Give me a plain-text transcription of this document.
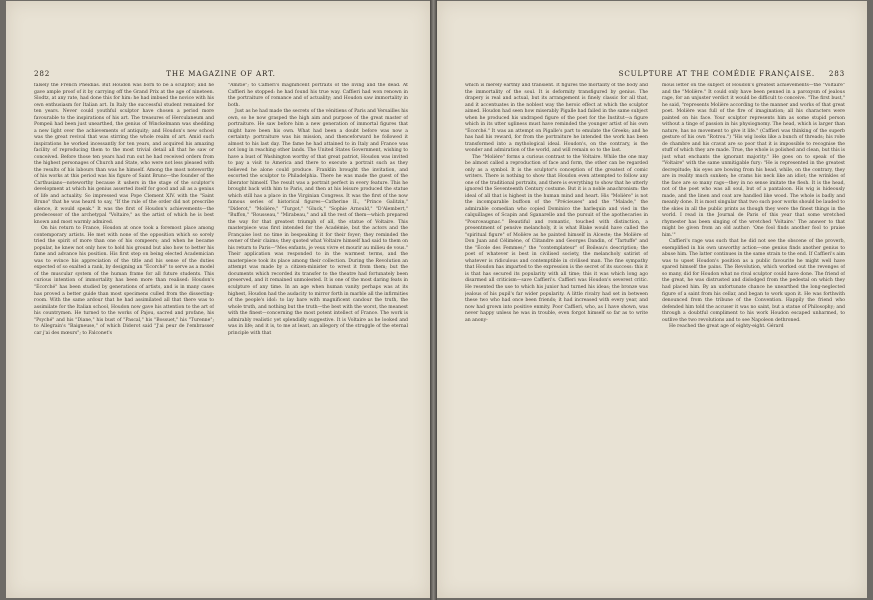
282	THE MAGAZINE OF ART.

falsely the French Pheidias. But Houdon was born to be a sculptor; and he gave ample proof of it by carrying off the Grand Prix at the age of nineteen. Slodtz, at any rate, had done this for him: he had imbued the novice with his own enthusiasm for Italian art. In Italy the successful student remained for ten years. Never could youthful sculptor have chosen a period more favourable to the inspirations of his art. The treasures of Herculaneum and Pompeii had been just unearthed, the genius of Winckelmann was shedding a new light over the achievements of antiquity; and Houdon's new school was the great revival that was stirring the whole realm of art. Amid such inspirations he worked incessantly for ten years, and acquired his amazing facility of reproducing them to the most trivial detail all that he saw or conceived. Before those ten years had run out he had received orders from the highest personages of Church and State, who were not less pleased with the results of his labours than was he himself. Among the most noteworthy of his works at this period was his figure of Saint Bruno—the founder of the Carthusians—noteworthy because it ushers in the stage of the sculptor's development at which his genius asserted itself for good and all as a genius of life and actuality. So impressed was Pope Clement XIV. with the "Saint Bruno" that he was heard to say, "If the rule of the order did not prescribe silence, it would speak." It was the first of Houdon's achievements—the predecessor of the archetypal "Voltaire," as the artist of which he is best known and most warmly admired.

On his return to France, Houdon at once took a foremost place among contemporary artists. He met with none of the opposition which so sorely tried the spirit of more than one of his compeers; and when he became popular, he knew not only how to hold his ground but also how to better his fame and advance his position. His first step on being elected Academician was to evince his appreciation of the title and his sense of the duties expected of so exalted a rank, by designing an "Écorché" to serve as a model of the muscular system of the human frame for all future students. This curious intention of immortality has been more than realised: Houdon's "Écorché" has been studied by generations of artists, and is in many cases has proved a better guide than most specimens culled from the dissecting-room. With the same ardour that he had assimilated all that there was to assimilate for the Italian school, Houdon now gave his attention to the art of his countrymen. He turned to the works of Pajou, sacred and profane, his "Psyché" and his "Diane," his bust of "Pascal," his "Bossuet," his "Turenne"; to Allegrain's "Baigneuse," of which Diderot said "J'ai peur de l'embrasser car j'ai des mœurs"; to Falconet's

"Amitié"; to Caffieri's magnificent portraits of the living and the dead. At Caffieri he stopped: he had found his true way. Caffieri had won renown in the portraiture of romance and of actuality; and Houdon saw immortality in both.

Just as he had made the secrets of the vénitiens of Paris and Versailles his own, so he now grasped the high aim and purpose of the great master of portraiture. He saw before him a new generation of immortal figures that might have been his own. What had been a doubt before was now a certainty: portraiture was his mission, and thenceforward he followed it almost to his last day. The fame he had attained to in Italy and France was not long in reaching other lands. The United States Government, wishing to have a bust of Washington worthy of that great patriot, Houdon was invited to pay a visit to America and there to execute a portrait such as they believed he alone could produce. Franklin brought the invitation, and escorted the sculptor to Philadelphia. There he was made the guest of the liberator himself. The result was a portrait perfect in every feature. This he brought back with him to Paris, and then at his leisure produced the statue which still has a place in the Virginian Congress. It was the first of the now famous series of historical figures—Catherine II., "Prince Galitzin," "Diderot," "Molière," "Turgot," "Gluck," "Sophie Arnould," "D'Alembert," "Buffon," "Rousseau," "Mirabeau," and all the rest of them—which prepared the way for that greatest triumph of all, the statue of Voltaire. This masterpiece was first intended for the Académie, but the actors and the Française lost no time in bespeaking it for their foyer; they reminded the owner of their claims; they quoted what Voltaire himself had said to them on his return to Paris—"Mes enfants, je veux vivre et mourir au milieu de vous." Their application was responded to in the warmest terms, and the masterpiece took its place among their collection. During the Revolution an attempt was made by a citizen-minister to wrest it from them; but the documents which recorded its transfer to the theatre had fortunately been preserved, and it remained unmolested. It is one of the most daring feats in sculpture of any time. In an age when human vanity perhaps was at its highest, Houdon had the audacity to mirror forth in marble all the infirmities of the people's idol: to lay bare with magnificent candour the truth, the whole truth, and nothing but the truth—the best with the worst, the meanest with the finest—concerning the most potent intellect of France. The work is admirably realistic yet splendidly suggestive. It is Voltaire as he looked and was in life; and it is, to me at least, an allegory of the struggle of the eternal principle with that

SCULPTURE AT THE COMÉDIE FRANÇAISE.	283

which is merely earthly and transient. It figures the mortality of the body and the immortality of the soul. It is deformity transfigured by genius. The drapery is real and actual, but its arrangement is finely classic for all that, and it accentuates in the noblest way the heroic effect at which the sculptor aimed. Houdon had seen how miserably Pigalle had failed in the same subject when he produced his undraped figure of the poet for the Institut—a figure which in its utter ugliness must have reminded the younger artist of his own "Écorché." It was an attempt on Pigalle's part to emulate the Greeks; and he has had his reward, for from the portraiture he intended the work has been transformed into a mythological ideal. Houdon's, on the contrary, is the wonder and admiration of the world, and will remain so to the last.

The "Molière" forms a curious contrast to the Voltaire. While the one may be almost called a reproduction of face and form, the other can be regarded only as a symbol. It is the sculptor's conception of the greatest of comic writers. There is nothing to show that Houdon even attempted to follow any one of the traditional portraits, and there is everything to show that he utterly ignored the Seventeenth Century costume. But it is a noble anachronism: the ideal of all that is highest in the human mind and heart. His "Molière" is not the incomparable buffoon of the "Précieuses" and the "Malade," the admirable comedian who copied Dominico the harlequin and vied in the calquillages of Scapin and Sganarelle and the pursuit of the apothecaries in "Pourceaugnac." Beautiful and romantic, touched with distinction, a presentment of pensive melancholy, it is what Blake would have called the "spiritual figure" of Molière as he painted himself in Alceste; the Molière of Don Juan and Célimène, of Clitandre and Georges Dandin, of "Tartuffe" and the "École des Femmes;" the "contemplateur" of Boileau's description; the poet of whatever is best in civilised society, the melancholy satirist of whatever is ridiculous and contemptible in civilised man. The fine sympathy that Houdon has imparted to the expression is the secret of its success: this it is that has secured its popularity with all time; this it was which long ago disarmed all criticism—save Caffieri's. Caffieri was Houdon's severest critic. He resented the use to which his junior had turned his ideas; the bronze was jealous of his pupil's far wider popularity. A little rivalry had set in between these two who had once been friends; it had increased with every year, and now had grown into positive enmity. Poor Caffieri, who, as I have shown, was never happy unless he was in trouble, even forgot himself so far as to write an anony-

mous letter on the subject of Houdon's greatest achievements—the "Voltaire" and the "Molière." It could only have been penned in a paroxysm of jealous rage, for an unjuster verdict it would be difficult to conceive. "The first bust," he said, "represents Molière according to the manner and works of that great poet. Molière was full of the fire of imagination; all his characters were painted on his face. Your sculptor represents him as some stupid person without a tinge of passion in his physiognomy. The head, which is larger than nature, has no movement to give it life." (Caffieri was thinking of the superb gesture of his own "Rotrou.") "His wig looks like a bunch of threads; his robe de chambre and his cravat are so poor that it is impossible to recognise the stuff of which they are made. True, the whole is polished and clean, but this is just what enchants the ignorant majority." He goes on to speak of the "Voltaire" with the same unmitigable fury: "He is represented in the greatest decrepitude; his eyes are bowing from his head, while, on the contrary, they are in reality much sunken; he crams his neck like an idiot; the wrinkles of the face are so many rags—they in no sense imitate the flesh. It is the head, not of the poet who was all soul, but of a pantaloon. His wig is hideously made, and the linen and coat are handled like wood. The whole is badly and meanly done. It is most singular that two such poor works should be lauded to the skies in all the public prints as though they were the finest things in the world. I read in the Journal de Paris of this year that some wretched rhymester has been singing of the wretched 'Voltaire.' The answer to that might be given from an old author: 'One fool finds another fool to praise him.'"

Caffieri's rage was such that he did not see the obscene of the proverb, exemplified in his own unworthy action—one genius finds another genius to abuse him. The latter continues in the same strain to the end. If Caffieri's aim was to upset Houdon's position as a public favourite he might well have spared himself the pains. The Revolution, which worked out the revenges of so many, did for Houdon what no rival sculptor could have done. The friend of the great, he was distrusted and dislodged from the pedestal on which they had placed him. By an unfortunate chance he unearthed the long-neglected figure of a saint from his cellar, and began to work upon it. He was forthwith denounced from the tribune of the Convention. Happily the friend who defended him told the accuser it was no saint, but a statue of Philosophy; and through a doubtful compliment to his work Houdon escaped unharmed, to outlive the two revolutions and to see Napoleon dethroned.

He reached the great age of eighty-eight. Gérard
